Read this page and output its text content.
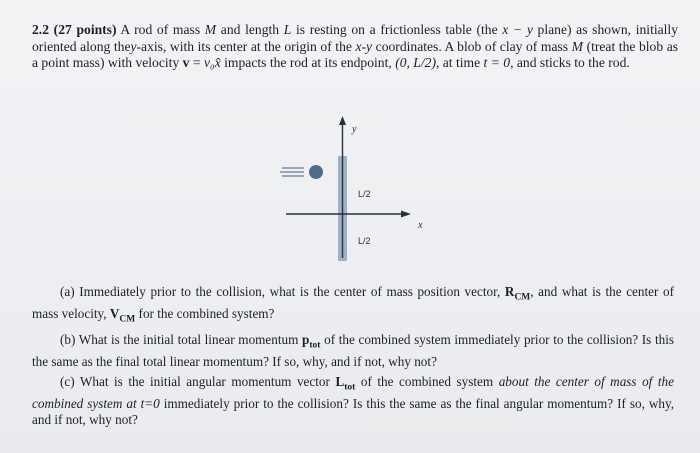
2.2 (27 points) A rod of mass M and length L is resting on a frictionless table (the x − y plane) as shown, initially oriented along they-axis, with its center at the origin of the x-y coordinates. A blob of clay of mass M (treat the blob as a point mass) with velocity v = v₀x̂ impacts the rod at its endpoint, (0, L/2), at time t = 0, and sticks to the rod.
y
x
L/2
L/2

(a) Immediately prior to the collision, what is the center of mass position vector, $R_{CM}$, and what is the center of mass velocity, $V_{CM}$ for the combined system?

(b) What is the initial total linear momentum $p_{tot}$ of the combined system immediately prior to the collision? Is this the same as the final total linear momentum? If so, why, and if not, why not?

(c) What is the initial angular momentum vector $L_{tot}$ of the combined system about the center of mass of the combined system at t=0 immediately prior to the collision? Is this the same as the final angular momentum? If so, why, and if not, why not?
